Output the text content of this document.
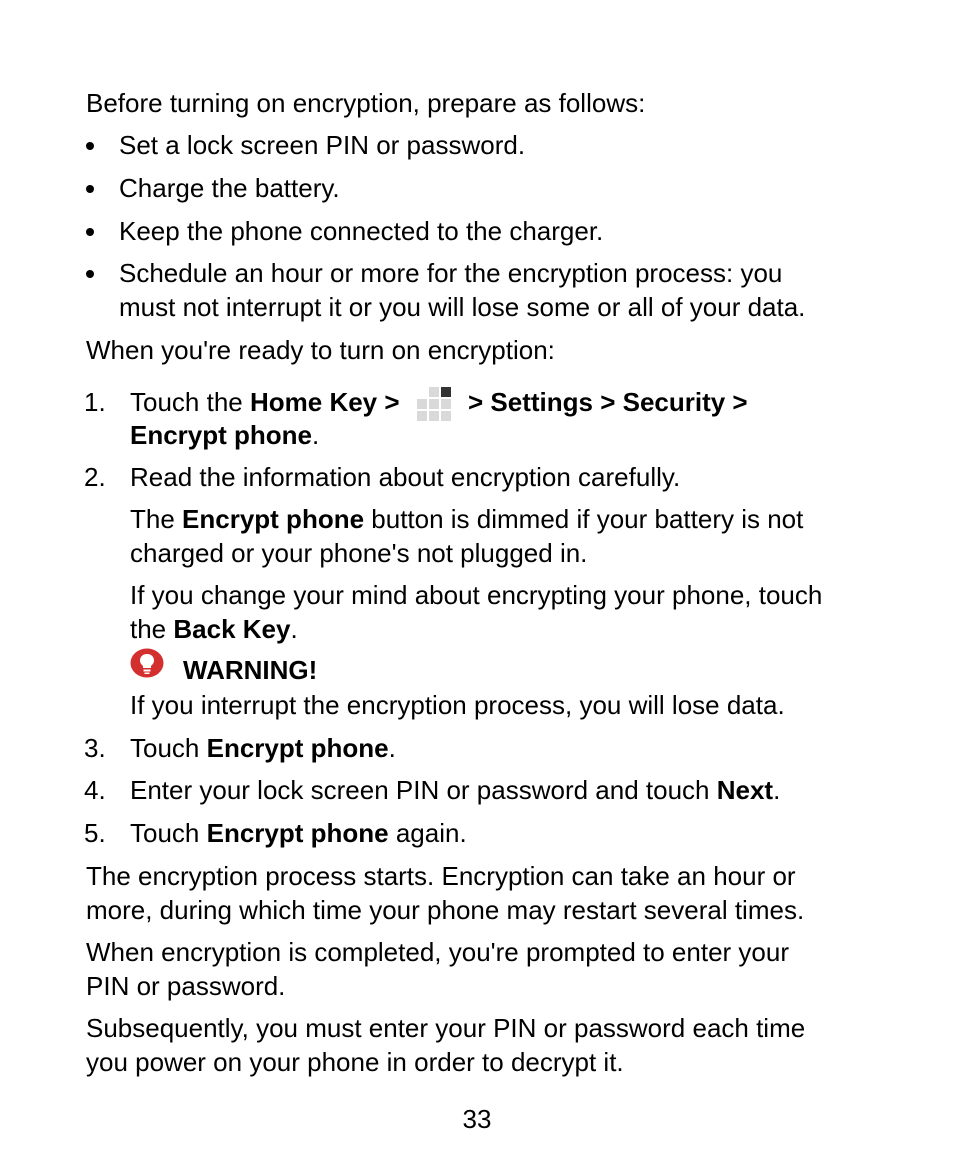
Before turning on encryption, prepare as follows:

Set a lock screen PIN or password.

Charge the battery.

Keep the phone connected to the charger.

Schedule an hour or more for the encryption process: you

must not interrupt it or you will lose some or all of your data.

When you're ready to turn on encryption:

1. Touch the Home Key >
> Settings > Security >

Encrypt phone.

2. Read the information about encryption carefully.

The Encrypt phone button is dimmed if your battery is not

charged or your phone's not plugged in.

If you change your mind about encrypting your phone, touch

the Back Key.

WARNING!

If you interrupt the encryption process, you will lose data.

3. Touch Encrypt phone.

4. Enter your lock screen PIN or password and touch Next.

5. Touch Encrypt phone again.

The encryption process starts. Encryption can take an hour or

more, during which time your phone may restart several times.

When encryption is completed, you're prompted to enter your

PIN or password.

Subsequently, you must enter your PIN or password each time

you power on your phone in order to decrypt it.

33
